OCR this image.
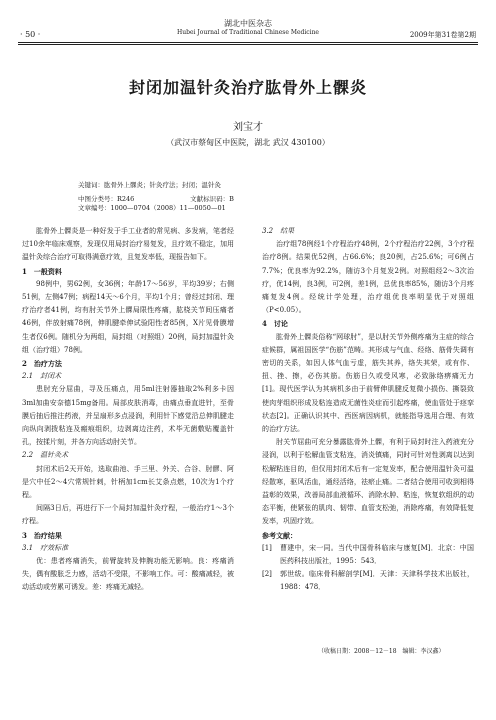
· 50 ·
湖北中医杂志
Hubei Journal of Traditional Chinese Medicine	2009年第31卷第2期
封闭加温针灸治疗肱骨外上髁炎
刘宝才
（武汉市蔡甸区中医院，湖北 武汉 430100）
关键词：肱骨外上髁炎；针灸疗法；封闭；温针灸
中图分类号：R246	文献标识码：B 文章编号：1000—0704（2008）11—0050—01

肱骨外上髁炎是一种好发于手工业者的常见病、多发病，笔者经过10余年临床观察，发现仅用局封治疗易复发，且疗效不稳定，加用温针灸综合治疗可取得满意疗效，且复发率低，现报告如下。

1　一般资料

98例中，男62例，女36例；年龄17～56岁，平均39岁；右侧51例，左侧47例；病程14天～6个月，平均1个月；曾经过封闭、理疗治疗者41例，均有肘关节外上髁局限性疼痛，肱桡关节间压痛者46例，伴放射痛78例，伸肌腱牵伸试验阳性者85例，X片见骨膜增生者仅6例。随机分为两组，局封组（对照组）20例，局封加温针灸组（治疗组）78例。

2　治疗方法

2.1　封闭术

患肘充分屈曲，寻及压痛点，用5ml注射器抽取2%利多卡因3ml加曲安奈德15mg备用。局部皮肤消毒，由痛点垂直进针，至骨膜后抽后推注药液，并呈扇形多点浸润，利用针下感觉沿总伸肌腱走向纵向剥拨粘连及瘢痕组织，边剥离边注药，术毕无菌敷贴覆盖针孔，按揉片刻，并各方向活动肘关节。

2.2　温针灸术

封闭术后2天开始，选取曲池、手三里、外关、合谷、肘髎、阿是穴中任2～4穴常规针刺，针柄加1cm长艾条点燃，10次为1个疗程。

间隔3日后，再进行下一个局封加温针灸疗程，一般治疗1～3个疗程。

3　治疗结果

3.1　疗效标准

优：患者疼痛消失，前臂旋转及伸腕功能无影响。良：疼痛消失，偶有酸胀乏力感，活动不受限，不影响工作。可：酸痛减轻，被动活动或劳累可诱发。差：疼痛无减轻。

3.2　结果

治疗组78例经1个疗程治疗48例，2个疗程治疗22例，3个疗程治疗8例。结果优52例，占66.6%；良20例，占25.6%；可6例占7.7%；优良率为92.2%，随访3个月复发2例。对照组经2～3次治疗，优14例，良3例，可2例，差1例，总优良率85%，随访3个月疼痛复发4例。经统计学处理，治疗组优良率明显优于对照组（P<0.05）。

4　讨论

肱骨外上髁炎俗称“网球肘”，是以肘关节外侧疼痛为主症的综合症候群，属祖国医学“伤筋”范畴。其形成与气血、经络、筋骨失调有密切的关系，如因人体气血亏虚，筋失其养，络失其荣，或有作、扭、挫、擦，必伤其筋。伤筋日久或受风寒，必致脉络痹痛无力[1]。现代医学认为其病机多由于前臂伸肌腱反复微小损伤、撕裂致使肉芽组织形成及粘连造成无菌性炎症而引起疼痛，使血管处于痉挛状态[2]。正确认识其中、西医病因病机，就能指导选用合理、有效的治疗方法。

肘关节屈曲可充分暴露肱骨外上髁，有利于局封时注入药液充分浸润，以利于松解血管支粘连，消炎镇痛，同时可针对性剥离以达到松解粘连目的，但仅用封闭术后有一定复发率，配合使用温针灸可温经散寒，驱风活血，通经活络，祛瘀止痛。二者结合使用可收到相得益彰的效果，改善局部血液循环、消除水肿、粘连，恢复软组织的动态平衡，使紧张的肌肉、韧带、血管支松弛，消除疼痛，有效降低复发率，巩固疗效。

参考文献：

[1] 曹建中，宋一同。当代中国骨科临床与康复[M]．北京：中国医药科技出版社，1995：543．

[2] 郭世绂。临床骨科解剖学[M]．天津：天津科学技术出版社，1988：478．

（收稿日期：2008－12－18　编辑：李汉鑫）
